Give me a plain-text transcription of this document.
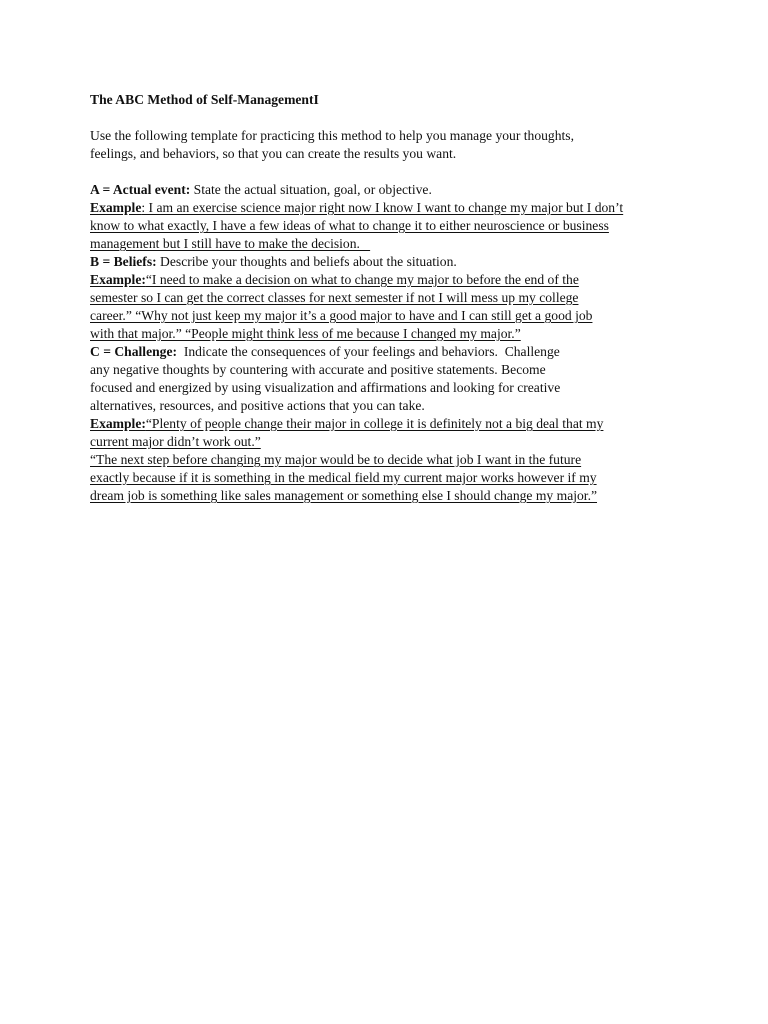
The ABC Method of Self-ManagementI
Use the following template for practicing this method to help you manage your thoughts,
feelings, and behaviors, so that you can create the results you want.
A = Actual event: State the actual situation, goal, or objective.
Example: I am an exercise science major right now I know I want to change my major but I don’t
know to what exactly, I have a few ideas of what to change it to either neuroscience or business
management but I still have to make the decision.
B = Beliefs: Describe your thoughts and beliefs about the situation.
Example:“I need to make a decision on what to change my major to before the end of the
semester so I can get the correct classes for next semester if not I will mess up my college
career.” “Why not just keep my major it’s a good major to have and I can still get a good job
with that major.” “People might think less of me because I changed my major.”
C = Challenge:  Indicate the consequences of your feelings and behaviors.  Challenge
any negative thoughts by countering with accurate and positive statements. Become
focused and energized by using visualization and affirmations and looking for creative
alternatives, resources, and positive actions that you can take.
Example:“Plenty of people change their major in college it is definitely not a big deal that my
current major didn’t work out.”
“The next step before changing my major would be to decide what job I want in the future
exactly because if it is something in the medical field my current major works however if my
dream job is something like sales management or something else I should change my major.”
